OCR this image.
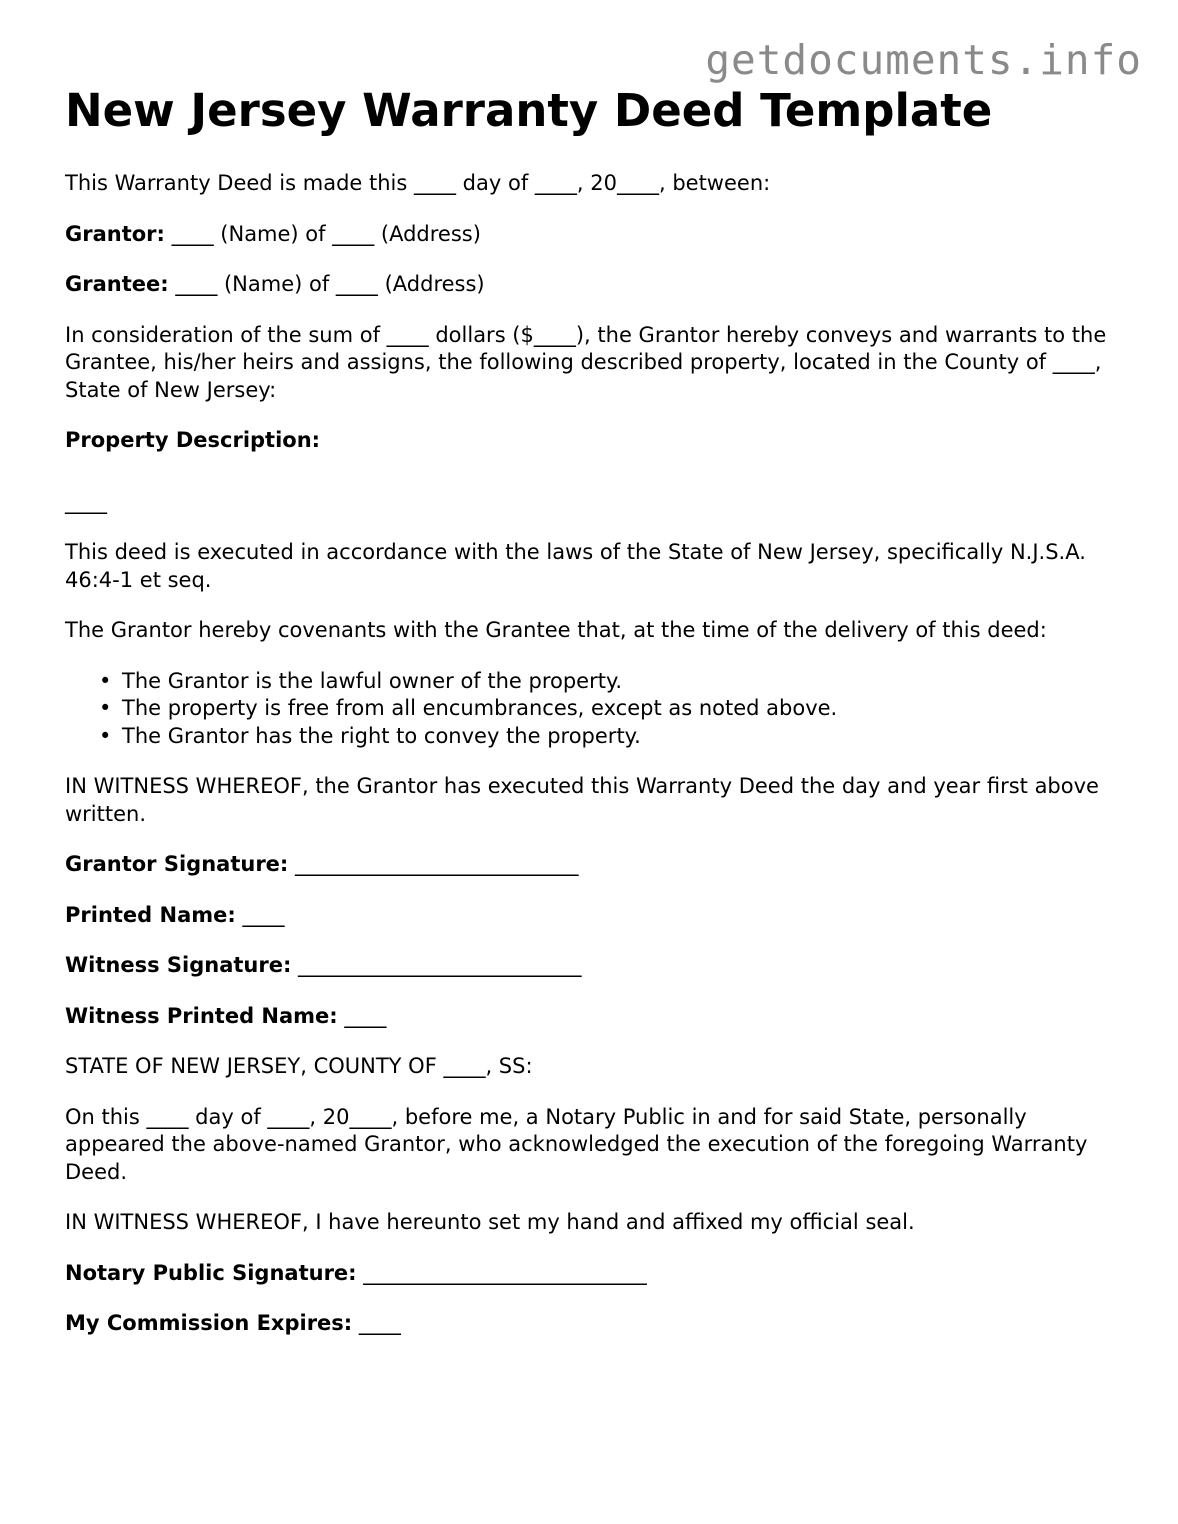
getdocuments.info
New Jersey Warranty Deed Template

This Warranty Deed is made this ____ day of ____, 20____, between:

Grantor: ____ (Name) of ____ (Address)

Grantee: ____ (Name) of ____ (Address)

In consideration of the sum of ____ dollars ($____), the Grantor hereby conveys and warrants to the Grantee, his/her heirs and assigns, the following described property, located in the County of ____, State of New Jersey:

Property Description:

____

This deed is executed in accordance with the laws of the State of New Jersey, specifically N.J.S.A. 46:4-1 et seq.

The Grantor hereby covenants with the Grantee that, at the time of the delivery of this deed:

• The Grantor is the lawful owner of the property.
• The property is free from all encumbrances, except as noted above.
• The Grantor has the right to convey the property.

IN WITNESS WHEREOF, the Grantor has executed this Warranty Deed the day and year first above written.

Grantor Signature: ___________________________

Printed Name: ____

Witness Signature: ___________________________

Witness Printed Name: ____

STATE OF NEW JERSEY, COUNTY OF ____, SS:

On this ____ day of ____, 20____, before me, a Notary Public in and for said State, personally appeared the above-named Grantor, who acknowledged the execution of the foregoing Warranty Deed.

IN WITNESS WHEREOF, I have hereunto set my hand and affixed my official seal.

Notary Public Signature: ___________________________

My Commission Expires: ____
